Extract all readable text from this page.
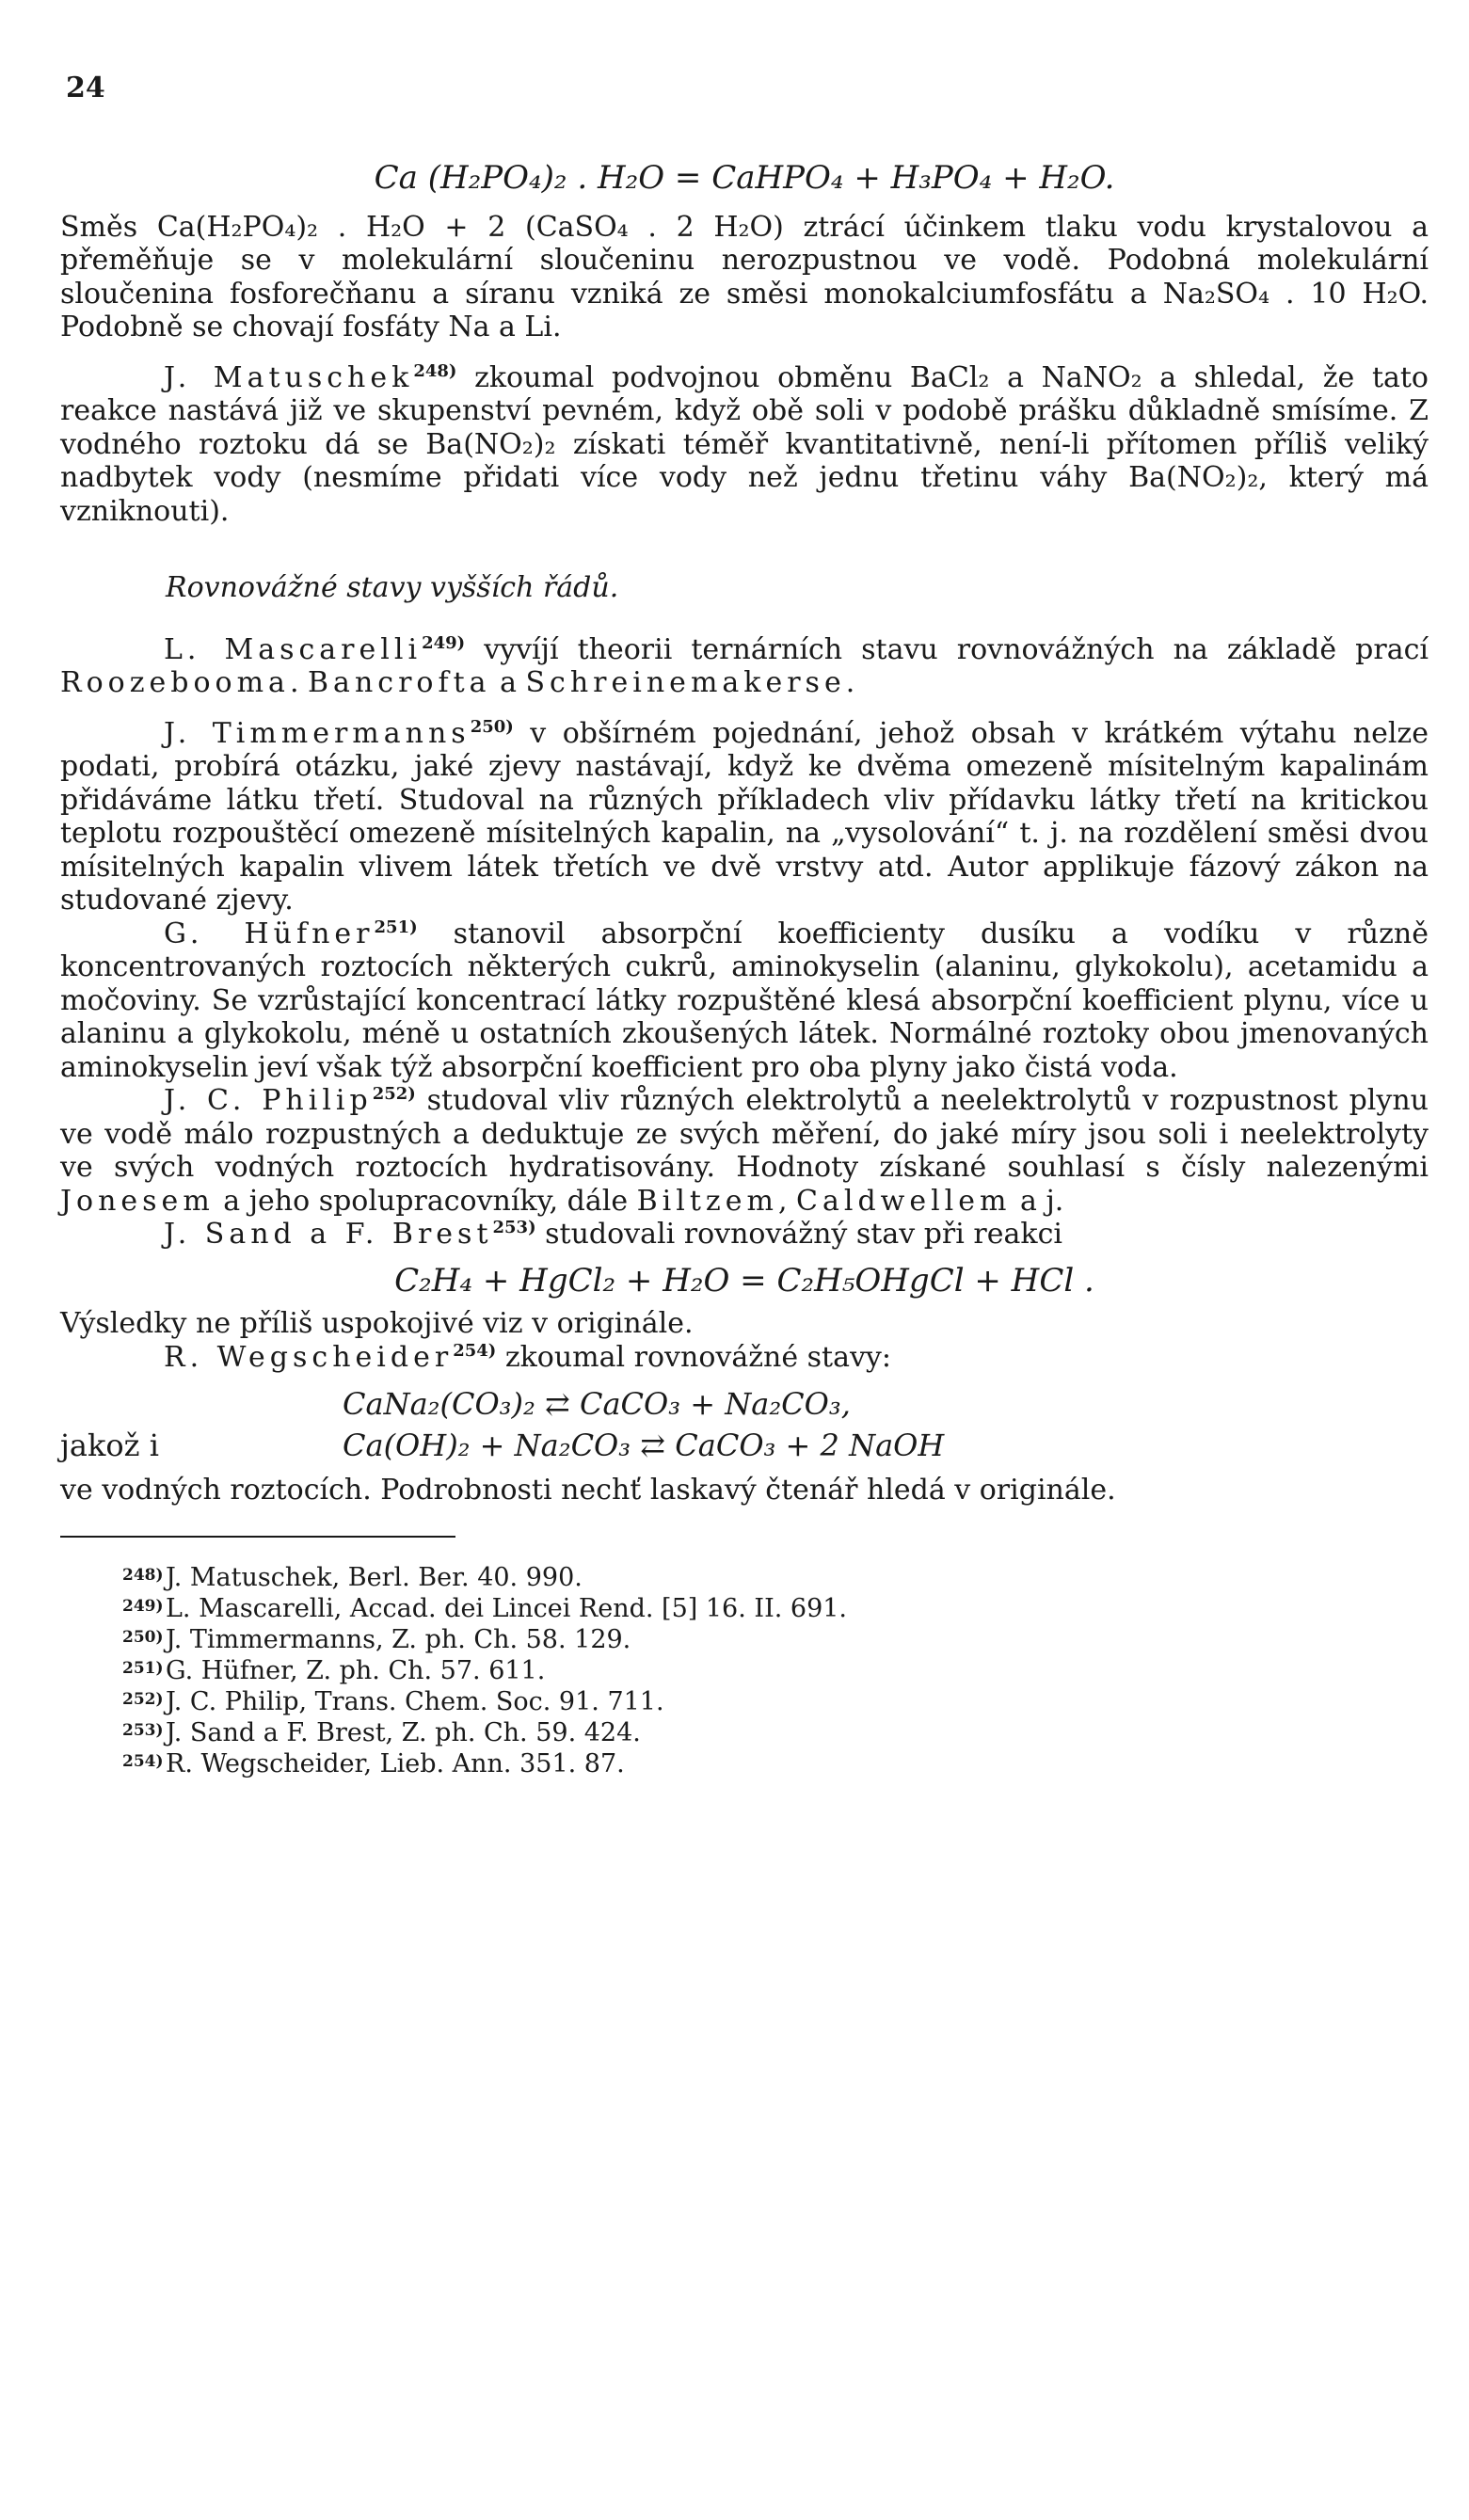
24
Ca (H₂PO₄)₂ . H₂O = CaHPO₄ + H₃PO₄ + H₂O.

Směs Ca(H₂PO₄)₂ . H₂O + 2 (CaSO₄ . 2 H₂O) ztrácí účinkem tlaku vodu krystalovou a přeměňuje se v molekulární sloučeninu nerozpustnou ve vodě. Podobná molekulární sloučenina fosforečňanu a síranu vzniká ze směsi monokalciumfosfátu a Na₂SO₄ . 10 H₂O. Podobně se chovají fosfáty Na a Li.

J. Matuschek$^{248)}$ zkoumal podvojnou obměnu BaCl₂ a NaNO₂ a shledal, že tato reakce nastává již ve skupenství pevném, když obě soli v podobě prášku důkladně smísíme. Z vodného roztoku dá se Ba(NO₂)₂ získati téměř kvantitativně, není-li přítomen příliš veliký nadbytek vody (nesmíme přidati více vody než jednu třetinu váhy Ba(NO₂)₂, který má vzniknouti).

Rovnovážné stavy vyšších řádů.

L. Mascarelli$^{249)}$ vyvíjí theorii ternárních stavu rovnovážných na základě prací Roozebooma. Bancrofta a Schreinemakerse.

J. Timmermanns$^{250)}$ v obšírném pojednání, jehož obsah v krátkém výtahu nelze podati, probírá otázku, jaké zjevy nastávají, když ke dvěma omezeně mísitelným kapalinám přidáváme látku třetí. Studoval na různých příkladech vliv přídavku látky třetí na kritickou teplotu rozpouštěcí omezeně mísitelných kapalin, na „vysolování“ t. j. na rozdělení směsi dvou mísitelných kapalin vlivem látek třetích ve dvě vrstvy atd. Autor applikuje fázový zákon na studované zjevy.

G. Hüfner$^{251)}$ stanovil absorpční koefficienty dusíku a vodíku v různě koncentrovaných roztocích některých cukrů, aminokyselin (alaninu, glykokolu), acetamidu a močoviny. Se vzrůstající koncentrací látky rozpuštěné klesá absorpční koefficient plynu, více u alaninu a glykokolu, méně u ostatních zkoušených látek. Normálné roztoky obou jmenovaných aminokyselin jeví však týž absorpční koefficient pro oba plyny jako čistá voda.

J. C. Philip$^{252)}$ studoval vliv různých elektrolytů a neelektrolytů v rozpustnost plynu ve vodě málo rozpustných a deduktuje ze svých měření, do jaké míry jsou soli i neelektrolyty ve svých vodných roztocích hydratisovány. Hodnoty získané souhlasí s čísly nalezenými Jonesem a jeho spolupracovníky, dále Biltzem, Caldwellem a j.

J. Sand a F. Brest$^{253)}$ studovali rovnovážný stav při reakci

C₂H₄ + HgCl₂ + H₂O = C₂H₅OHgCl + HCl .

Výsledky ne příliš uspokojivé viz v originále.

R. Wegscheider$^{254)}$ zkoumal rovnovážné stavy:

CaNa₂(CO₃)₂ ⇄ CaCO₃ + Na₂CO₃,
jakož i	Ca(OH)₂ + Na₂CO₃ ⇄ CaCO₃ + 2 NaOH

ve vodných roztocích. Podrobnosti nechť laskavý čtenář hledá v originále.

248) J. Matuschek, Berl. Ber. 40. 990.
249) L. Mascarelli, Accad. dei Lincei Rend. [5] 16. II. 691.
250) J. Timmermanns, Z. ph. Ch. 58. 129.
251) G. Hüfner, Z. ph. Ch. 57. 611.
252) J. C. Philip, Trans. Chem. Soc. 91. 711.
253) J. Sand a F. Brest, Z. ph. Ch. 59. 424.
254) R. Wegscheider, Lieb. Ann. 351. 87.
